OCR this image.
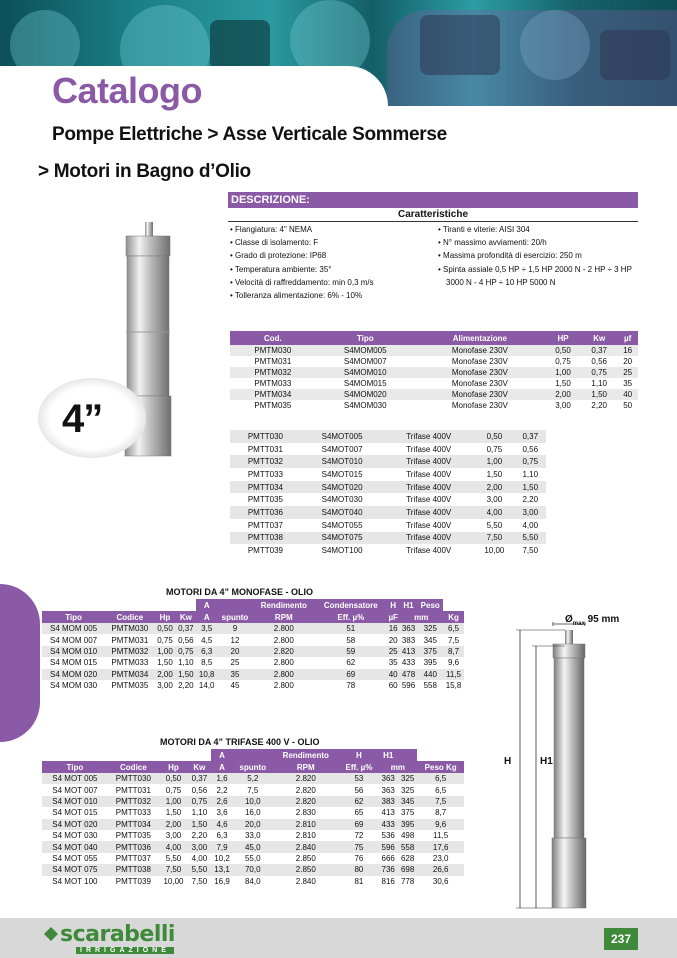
Catalogo
Pompe Elettriche > Asse Verticale Sommerse
> Motori in Bagno d’Olio
4”
DESCRIZIONE:
Caratteristiche
• Flangiatura: 4" NEMA
• Classe di isolamento: F
• Grado di protezione: IP68
• Temperatura ambiente: 35°
• Velocità di raffreddamento: min 0,3 m/s
• Tolleranza alimentazione: 6% - 10%
• Tiranti e viterie: AISI 304
• N° massimo avviamenti: 20/h
• Massima profondità di esercizio: 250 m
• Spinta assiale 0,5 HP ÷ 1,5 HP 2000 N - 2 HP ÷ 3 HP
3000 N - 4 HP ÷ 10 HP 5000 N
Cod.	Tipo	Alimentazione	HP	Kw	µf
PMTM030	S4MOM005	Monofase 230V	0,50	0,37	16
PMTM031	S4MOM007	Monofase 230V	0,75	0,56	20
PMTM032	S4MOM010	Monofase 230V	1,00	0,75	25
PMTM033	S4MOM015	Monofase 230V	1,50	1,10	35
PMTM034	S4MOM020	Monofase 230V	2,00	1,50	40
PMTM035	S4MOM030	Monofase 230V	3,00	2,20	50
PMTT030	S4MOT005	Trifase 400V	0,50	0,37
PMTT031	S4MOT007	Trifase 400V	0,75	0,56
PMTT032	S4MOT010	Trifase 400V	1,00	0,75
PMTT033	S4MOT015	Trifase 400V	1,50	1,10
PMTT034	S4MOT020	Trifase 400V	2,00	1,50
PMTT035	S4MOT030	Trifase 400V	3,00	2,20
PMTT036	S4MOT040	Trifase 400V	4,00	3,00
PMTT037	S4MOT055	Trifase 400V	5,50	4,00
PMTT038	S4MOT075	Trifase 400V	7,50	5,50
PMTT039	S4MOT100	Trifase 400V	10,00	7,50
Pompe
MOTORI DA 4” MONOFASE - OLIO
				A		Rendimento	Condensatore	H	H1	Peso	
Tipo	Codice	Hp	Kw	A	spunto	RPM	Eff. µ%	µF	mm		Kg
S4 MOM 005	PMTM030	0,50	0,37	3,5	9	2.800	51	16	363	325	6,5
S4 MOM 007	PMTM031	0,75	0,56	4,5	12	2.800	58	20	383	345	7,5
S4 MOM 010	PMTM032	1,00	0,75	6,3	20	2.820	59	25	413	375	8,7
S4 MOM 015	PMTM033	1,50	1,10	8,5	25	2.800	62	35	433	395	9,6
S4 MOM 020	PMTM034	2,00	1,50	10,8	35	2.800	69	40	478	440	11,5
S4 MOM 030	PMTM035	3,00	2,20	14,0	45	2.800	78	60	596	558	15,8
MOTORI DA 4” TRIFASE 400 V - OLIO
				A		Rendimento	H	H1		
Tipo	Codice	Hp	Kw	A	spunto	RPM	Eff. µ%	mm		Peso Kg
S4 MOT 005	PMTT030	0,50	0,37	1,6	5,2	2.820	53	363	325	6,5
S4 MOT 007	PMTT031	0,75	0,56	2,2	7,5	2.820	56	363	325	6,5
S4 MOT 010	PMTT032	1,00	0,75	2,6	10,0	2.820	62	383	345	7,5
S4 MOT 015	PMTT033	1,50	1,10	3,6	16,0	2.830	65	413	375	8,7
S4 MOT 020	PMTT034	2,00	1,50	4,6	20,0	2.810	69	433	395	9,6
S4 MOT 030	PMTT035	3,00	2,20	6,3	33,0	2.810	72	536	498	11,5
S4 MOT 040	PMTT036	4,00	3,00	7,9	45,0	2.840	75	596	558	17,6
S4 MOT 055	PMTT037	5,50	4,00	10,2	55,0	2.850	76	666	628	23,0
S4 MOT 075	PMTT038	7,50	5,50	13,1	70,0	2.850	80	736	698	26,6
S4 MOT 100	PMTT039	10,00	7,50	16,9	84,0	2.840	81	816	778	30,6
$Ø_{max}$ 95 mm
H	H1
scarabelli
IRRIGAZIONE
237
